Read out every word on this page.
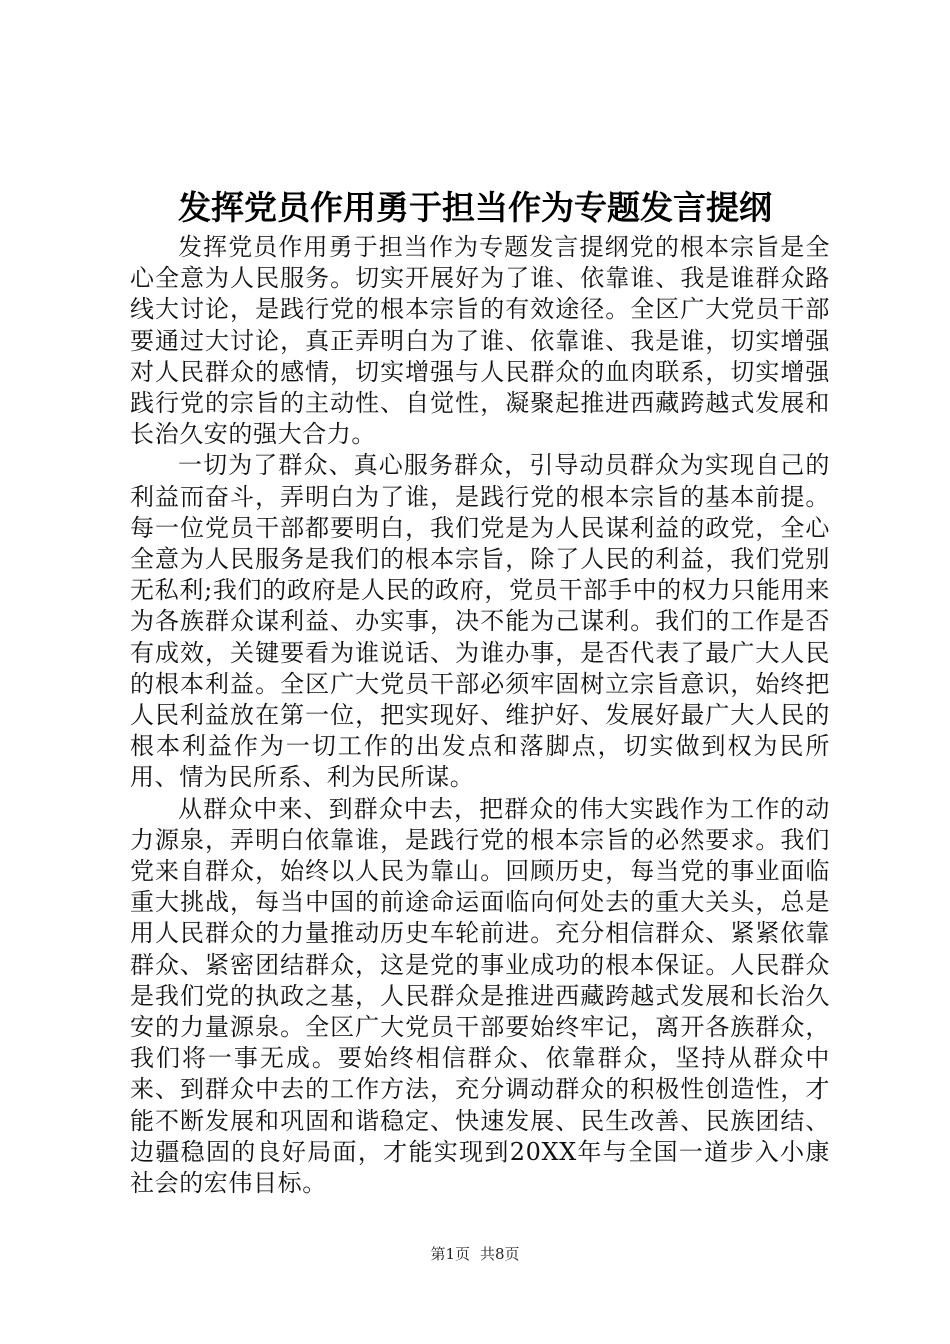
发挥党员作用勇于担当作为专题发言提纲

发挥党员作用勇于担当作为专题发言提纲党的根本宗旨是全心全意为人民服务。切实开展好为了谁、依靠谁、我是谁群众路线大讨论，是践行党的根本宗旨的有效途径。全区广大党员干部要通过大讨论，真正弄明白为了谁、依靠谁、我是谁，切实增强对人民群众的感情，切实增强与人民群众的血肉联系，切实增强践行党的宗旨的主动性、自觉性，凝聚起推进西藏跨越式发展和长治久安的强大合力。

一切为了群众、真心服务群众，引导动员群众为实现自己的利益而奋斗，弄明白为了谁，是践行党的根本宗旨的基本前提。每一位党员干部都要明白，我们党是为人民谋利益的政党，全心全意为人民服务是我们的根本宗旨，除了人民的利益，我们党别无私利;我们的政府是人民的政府，党员干部手中的权力只能用来为各族群众谋利益、办实事，决不能为己谋利。我们的工作是否有成效，关键要看为谁说话、为谁办事，是否代表了最广大人民的根本利益。全区广大党员干部必须牢固树立宗旨意识，始终把人民利益放在第一位，把实现好、维护好、发展好最广大人民的根本利益作为一切工作的出发点和落脚点，切实做到权为民所用、情为民所系、利为民所谋。

从群众中来、到群众中去，把群众的伟大实践作为工作的动力源泉，弄明白依靠谁，是践行党的根本宗旨的必然要求。我们党来自群众，始终以人民为靠山。回顾历史，每当党的事业面临重大挑战，每当中国的前途命运面临向何处去的重大关头，总是用人民群众的力量推动历史车轮前进。充分相信群众、紧紧依靠群众、紧密团结群众，这是党的事业成功的根本保证。人民群众是我们党的执政之基，人民群众是推进西藏跨越式发展和长治久安的力量源泉。全区广大党员干部要始终牢记，离开各族群众，我们将一事无成。要始终相信群众、依靠群众，坚持从群众中来、到群众中去的工作方法，充分调动群众的积极性创造性，才能不断发展和巩固和谐稳定、快速发展、民生改善、民族团结、边疆稳固的良好局面，才能实现到20XX年与全国一道步入小康社会的宏伟目标。

第1页 共8页
